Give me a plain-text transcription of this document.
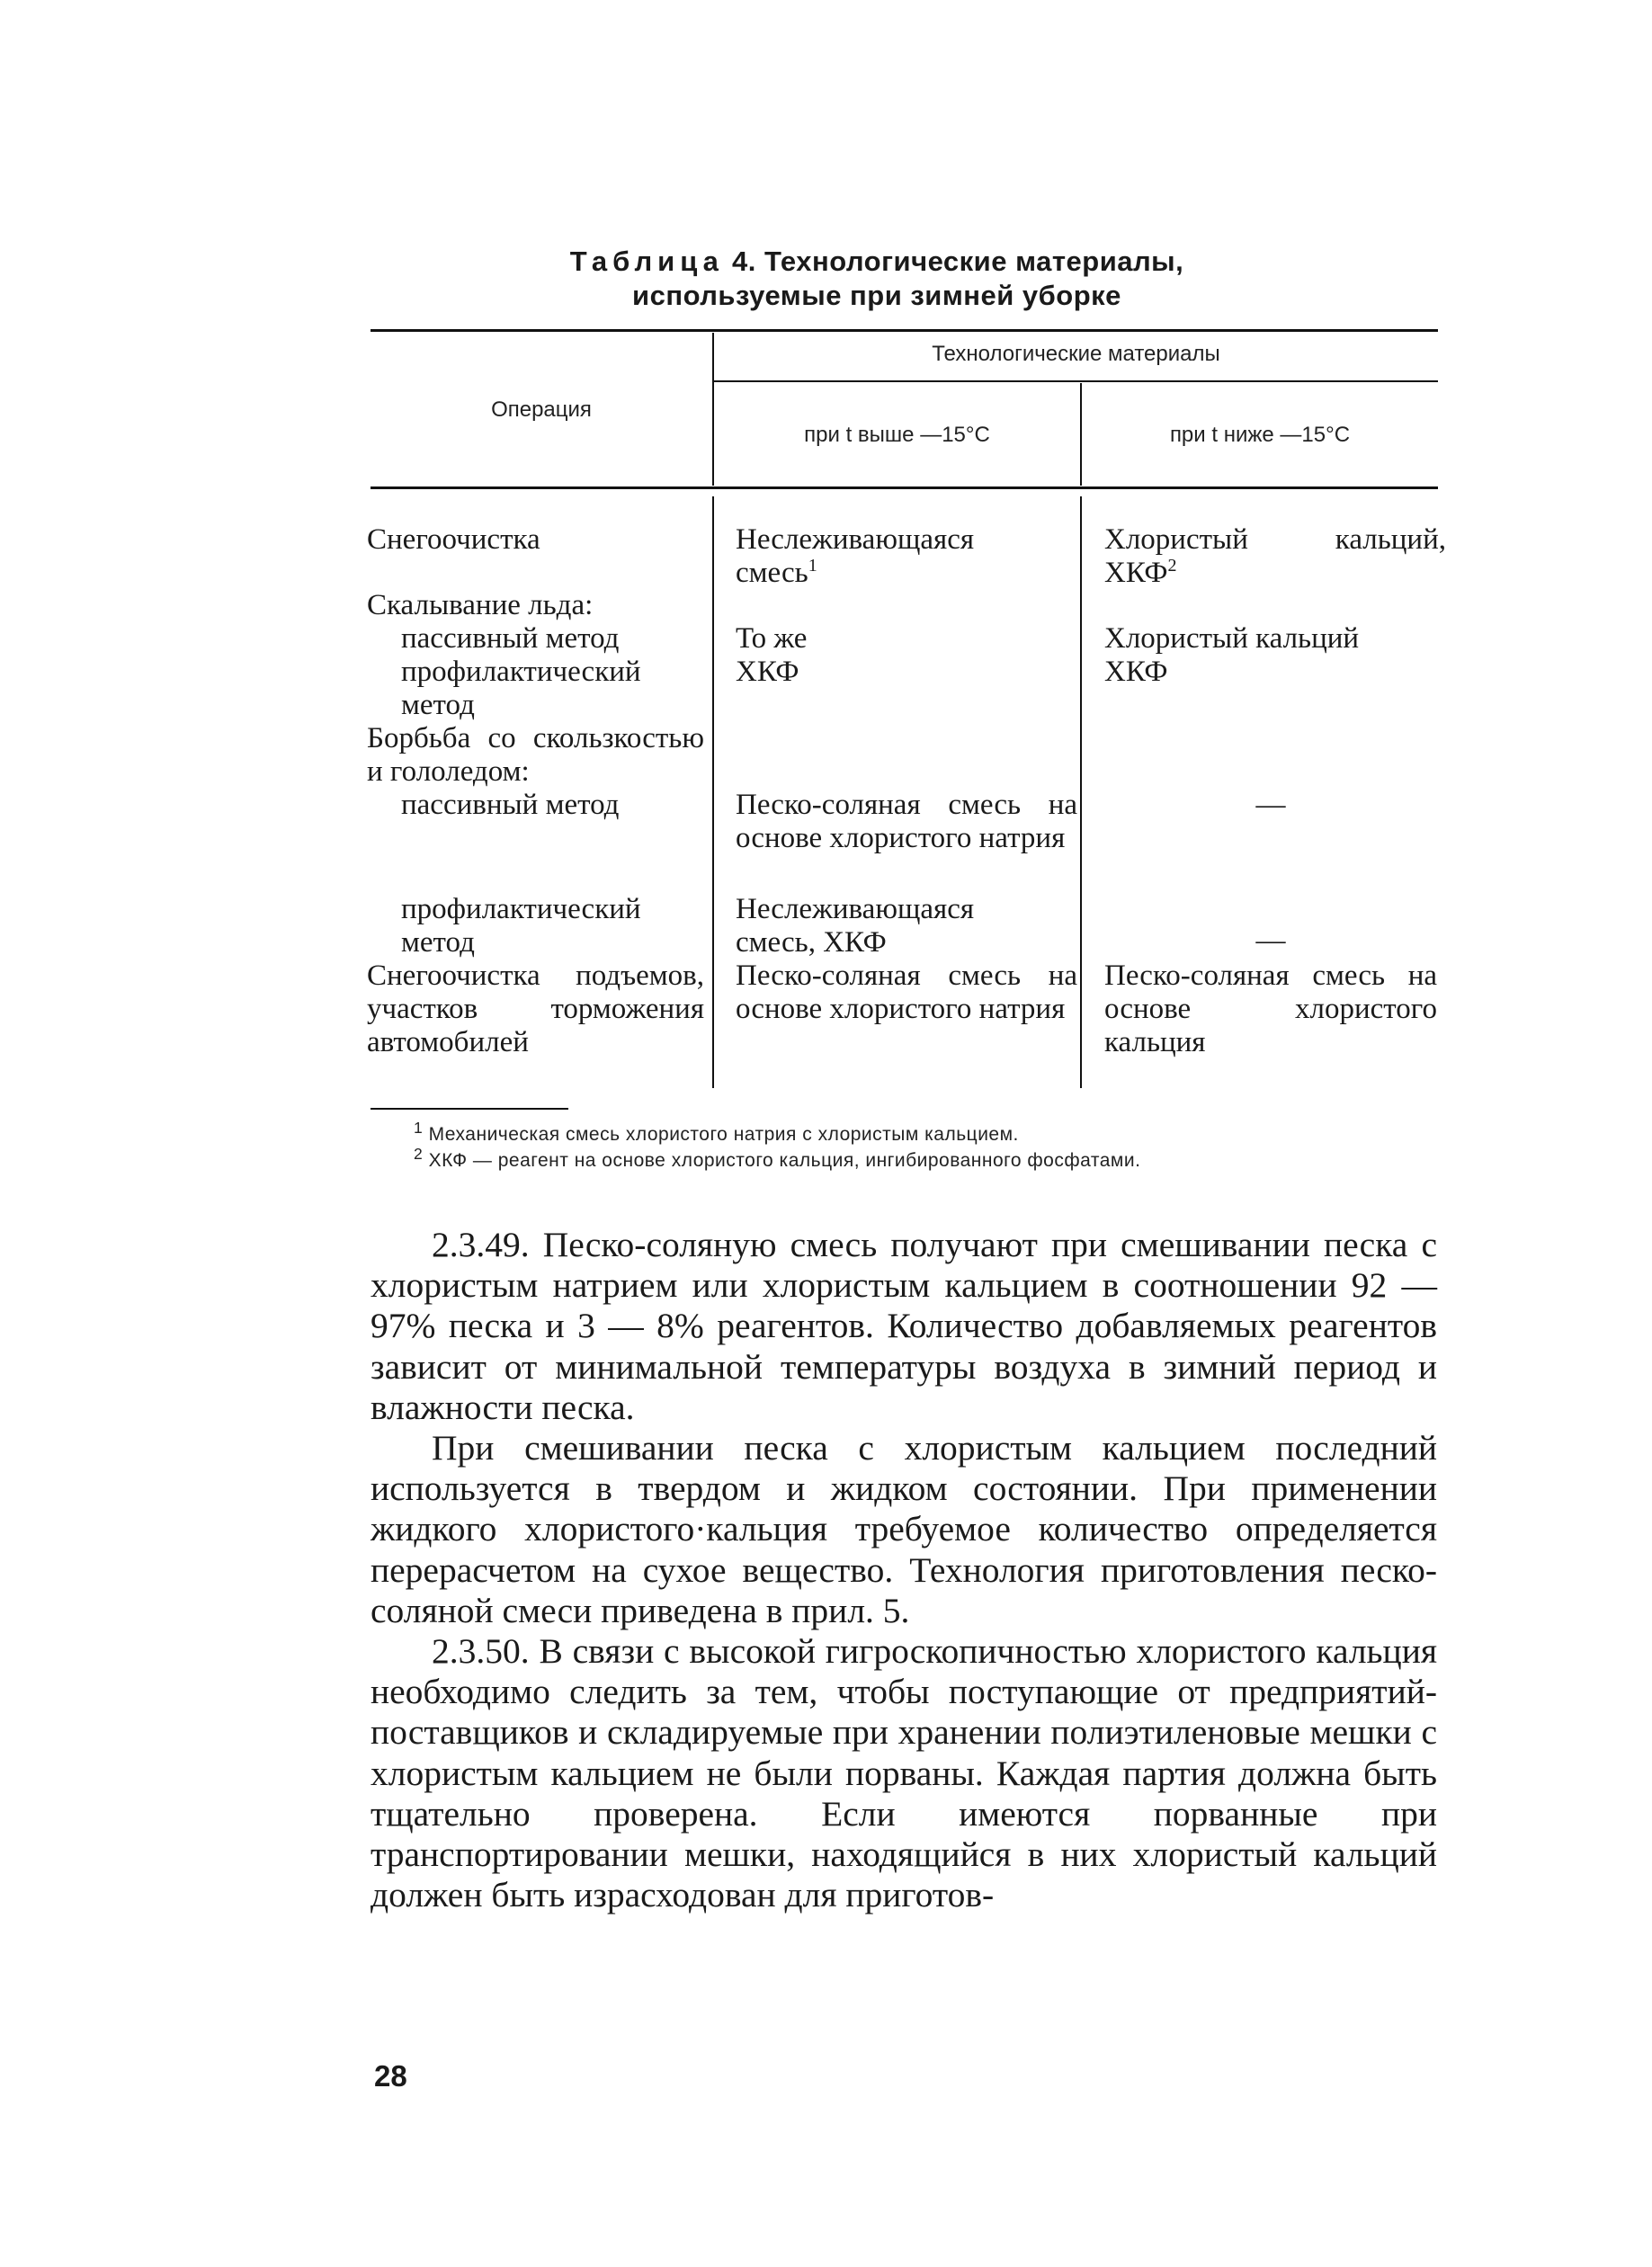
Таблица 4. Технологические материалы,
используемые при зимней уборке
Операция
Технологические материалы
при t выше —15°C	при t ниже —15°C
Снегоочистка
Скалывание льда:
пассивный метод
профилактический метод
Борбьба со скользкостью и гололедом:
пассивный метод
профилактический метод
Снегоочистка подъемов, участков торможения автомобилей
Неслеживающаяся смесь$^1$
То же
ХКФ
Песко-соляная смесь на основе хлористого натрия
Неслеживающаяся смесь, ХКФ
Песко-соляная смесь на основе хлористого натрия
Хлористый кальций, ХКФ$^2$
Хлористый кальций
ХКФ
—
—
Песко-соляная смесь на основе хлористого кальция
$^1$ Механическая смесь хлористого натрия с хлористым кальцием.
$^2$ ХКФ — реагент на основе хлористого кальция, ингибированного фосфатами.

2.3.49. Песко-соляную смесь получают при смешивании песка с хлористым натрием или хлористым кальцием в соотношении 92 — 97% песка и 3 — 8% реагентов. Количество добавляемых реагентов зависит от минимальной температуры воздуха в зимний период и влажности песка.

При смешивании песка с хлористым кальцием последний используется в твердом и жидком состоянии. При применении жидкого хлористого·кальция требуемое количество определяется перерасчетом на сухое вещество. Технология приготовления песко-соляной смеси приведена в прил. 5.

2.3.50. В связи с высокой гигроскопичностью хлористого кальция необходимо следить за тем, чтобы поступающие от предприятий-поставщиков и складируемые при хранении полиэтиленовые мешки с хлористым кальцием не были порваны. Каждая партия должна быть тщательно проверена. Если имеются порванные при транспортировании мешки, находящийся в них хлористый кальций должен быть израсходован для приготов-

28
